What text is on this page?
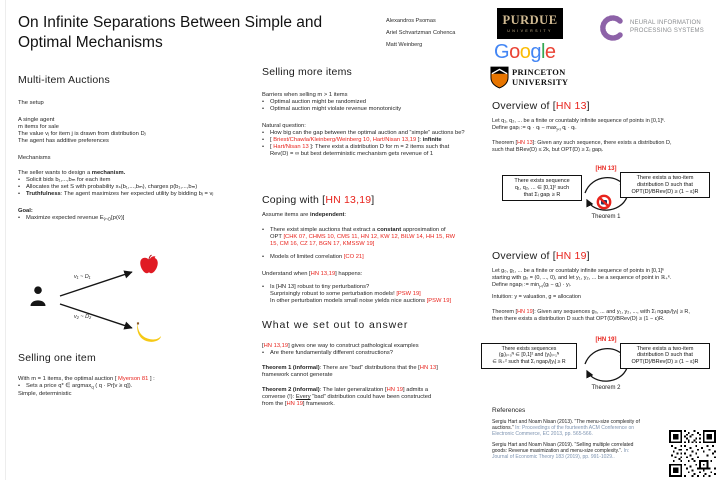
On Infinite Separations Between Simple and
Optimal Mechanisms
Alexandros Psomas
Ariel Schvartzman Cohenca
Matt Weinberg
PURDUE
UNIVERSITY
NEURAL INFORMATION
PROCESSING SYSTEMS
Google
PRINCETON
UNIVERSITY
Multi-item Auctions
The setup
A single agent
m items for sale
The value vⱼ for item j is drawn from distribution Dⱼ
The agent has additive preferences
Mechanisms
The seller wants to design a mechanism.
• Solicit bids b₁,...,bₘ for each item
• Allocates the set S with probability xₛ(b₁,...,bₘ), charges p(b₁,...,bₘ)
• Truthfulness: The agent maximizes her expected utility by bidding bⱼ = vⱼ
Goal:
• Maximize expected revenue $E_{v̄\sim D}[p(v̄)]$
v₁ ~ D₁
v₂ ~ D₂
Selling one item
With m = 1 items, the optimal auction [ Myerson 81 ] :
• Sets a price q* ∈ argmax$_q$ ( q · Pr[v ≥ q]).
Simple, deterministic
Selling more items
Barriers when selling m > 1 items
• Optimal auction might be randomized
• Optimal auction might violate revenue monotonicity
Natural question:
• How big can the gap between the optimal auction and “simple” auctions be?
• [ Briest/Chawla/Kleinberg/Weinberg 10, Hart/Nisan 13,19 ]: infinite
• [ Hart/Nisan 13 ]: There exist a distribution D for m = 2 items such that
Rev(D) = ∞ but best deterministic mechanism gets revenue of 1
Coping with [HN 13,19]
Assume items are independent:
• There exist simple auctions that extract a constant approximation of
OPT [CHK 07, CHMS 10, CMS 11, HN 12, KW 12, BILW 14, HH 15, RW
15, CM 16, CZ 17, BGN 17, KMSSW 19]
• Models of limited correlation [CO 21]
Understand when [HN 13,19] happens:
• Is [HN 13] robust to tiny perturbations?
Surprisingly robust to some perturbation models! [PSW 19]
In other perturbation models small noise yields nice auctions [PSW 19]
What we set out to answer
[HN 13,19] gives one way to construct pathological examples
• Are there fundamentally different constructions?
Theorem 1 (informal): There are “bad” distributions that the [HN 13]
framework cannot generate
Theorem 2 (informal): The later generalization [HN 19] admits a
converse (!): Every “bad” distribution could have been constructed
from the [HN 19] framework.
Overview of [HN 13]
Let q₁, q₂, ... be a finite or countably infinite sequence of points in [0,1]ᵏ.
Define gapᵢ := qᵢ · qᵢ − $\max_{j<i}$ qⱼ · qᵢ.
Theorem [HN 13]: Given any such sequence, there exists a distribution D,
such that BRev(D) ≤ 2k, but OPT(D) ≥ Σᵢ gapᵢ.
There exists sequence
q₁, q₂, ... ∈ [0,1]² such
that Σᵢ gapᵢ ≥ R
[HN 13]
Theorem 1
There exists a two-item
distribution D such that
OPT(D)/BRev(D) ≥ (1 − ε)R
Overview of [HN 19]
Let g₀, g₁, ... be a finite or countably infinite sequence of points in [0,1]ᵏ
starting with g₀ = (0, ..., 0), and let y₁, y₂, ... be a sequence of point in ℝ₊ᵏ.
Define ngapᵢ := $\min_{j<i}(gᵢ$ − gⱼ) · yᵢ.
Intuition: y = valuation, g = allocation
Theorem [HN 19]: Given any sequences g₀, ... and y₁, y₂, ..., with Σᵢ ngapᵢ/|yᵢ| ≥ R,
then there exists a distribution D such that OPT(D)/BRev(D) ≥ (1 − ε)R.
There exists sequences
(gᵢ)ᵢ₌₀ᴺ ∈ [0,1]² and (yᵢ)ᵢ₌₁ᴺ
∈ ℝ₊² such that Σᵢ ngapᵢ/|yᵢ| ≥ R
[HN 19]
Theorem 2
There exists a two-item
distribution D such that
OPT(D)/BRev(D) ≥ (1 − ε)R
References

Sergiu Hart and Noam Nisan (2013). “The menu-size complexity of auctions.” In: Proceedings of the fourteenth ACM Conference on Electronic Commerce, EC 2013, pp. 565-566.

Sergiu Hart and Noam Nisan (2019). “Selling multiple correlated goods: Revenue maximization and menu-size complexity.”. In: Journal of Economic Theory 183 (2019), pp. 991-1029..
